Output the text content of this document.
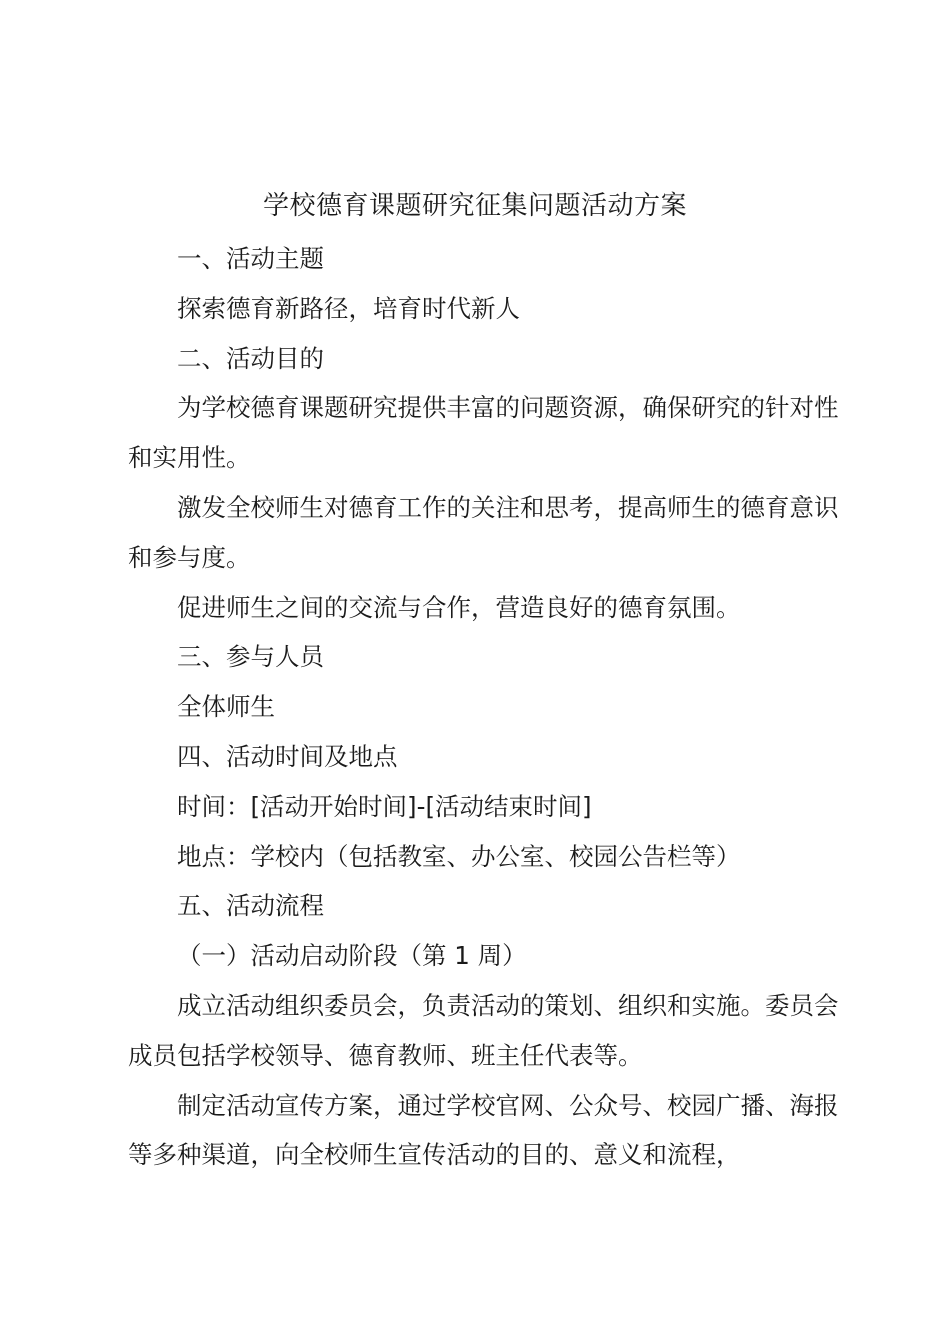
学校德育课题研究征集问题活动方案

一、活动主题

探索德育新路径，培育时代新人

二、活动目的

为学校德育课题研究提供丰富的问题资源，确保研究的针对性和实用性。

激发全校师生对德育工作的关注和思考，提高师生的德育意识和参与度。

促进师生之间的交流与合作，营造良好的德育氛围。

三、参与人员

全体师生

四、活动时间及地点

时间：[活动开始时间]-[活动结束时间]

地点：学校内（包括教室、办公室、校园公告栏等）

五、活动流程

（一）活动启动阶段（第 1 周）

成立活动组织委员会，负责活动的策划、组织和实施。委员会成员包括学校领导、德育教师、班主任代表等。

制定活动宣传方案，通过学校官网、公众号、校园广播、海报等多种渠道，向全校师生宣传活动的目的、意义和流程，
